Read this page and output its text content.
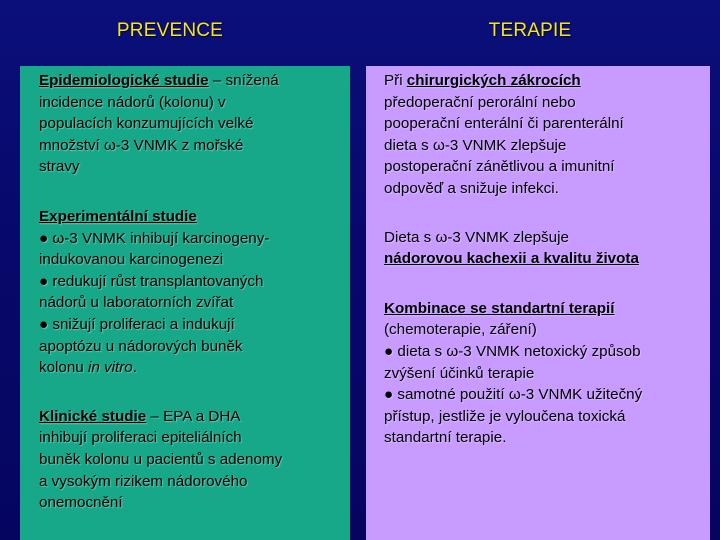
PREVENCE	TERAPIE
Epidemiologické studie – snížená
incidence nádorů (kolonu) v
populacích konzumujících velké
množství ω-3 VNMK z mořské
stravy
Experimentální studie
● ω-3 VNMK inhibují karcinogeny-
indukovanou karcinogenezi
● redukují růst transplantovaných
nádorů u laboratorních zvířat
● snižují proliferaci a indukují
apoptózu u nádorových buněk
kolonu in vitro.
Klinické studie – EPA a DHA
inhibují proliferaci epiteliálních
buněk kolonu u pacientů s adenomy
a vysokým rizikem nádorového
onemocnění
Při chirurgických zákrocích
předoperační perorální nebo
pooperační enterální či parenterální
dieta s ω-3 VNMK zlepšuje
postoperační zánětlivou a imunitní
odpověď a snižuje infekci.
Dieta s ω-3 VNMK zlepšuje
nádorovou kachexii a kvalitu života
Kombinace se standartní terapií
(chemoterapie, záření)
● dieta s ω-3 VNMK netoxický způsob
zvýšení účinků terapie
● samotné použití ω-3 VNMK užitečný
přístup, jestliže je vyloučena toxická
standartní terapie.
